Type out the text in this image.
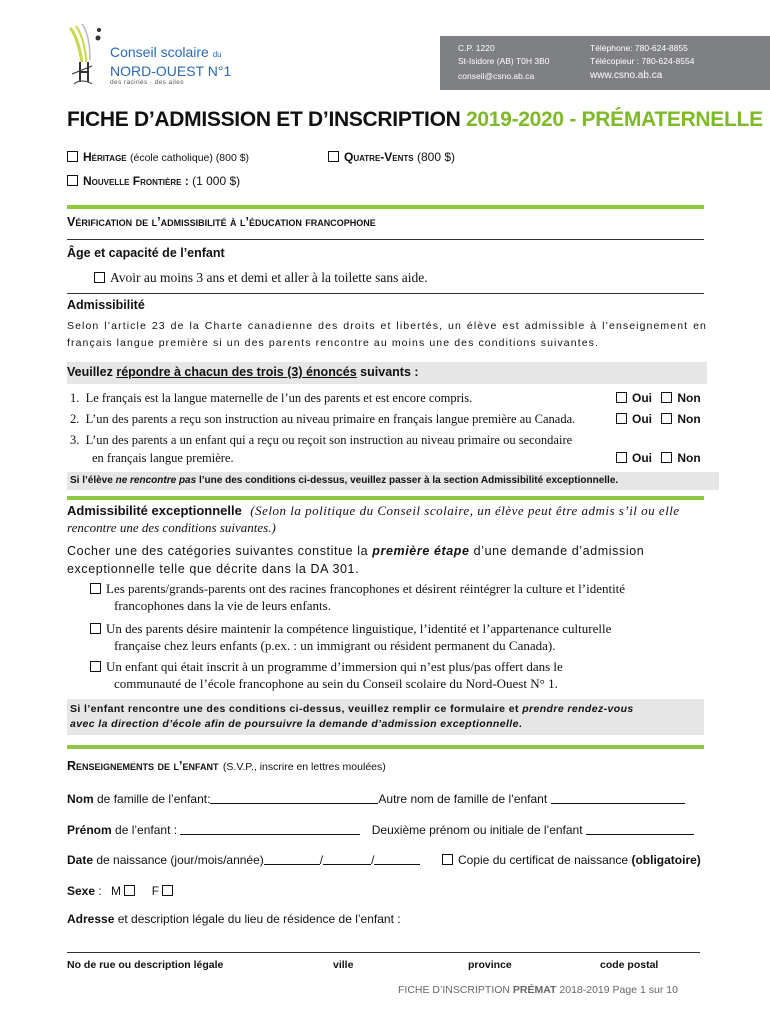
Conseil scolaire du
NORD-OUEST N°1
des racines · des ailes
C.P. 1220
St-Isidore (AB) T0H 3B0
conseil@csno.ab.ca
Téléphone: 780-624-8855
Télécopieur : 780-624-8554
www.csno.ab.ca
FICHE D’ADMISSION ET D’INSCRIPTION 2019-2020 - PRÉMATERNELLE
Héritage (école catholique) (800 $)	Quatre-Vents (800 $)
Nouvelle Frontière : (1 000 $)
Vérification de l’admissibilité à l’éducation francophone
Âge et capacité de l’enfant
Avoir au moins 3 ans et demi et aller à la toilette sans aide.
Admissibilité
Selon l’article 23 de la Charte canadienne des droits et libertés, un élève est admissible à l’enseignement en français langue première si un des parents rencontre au moins une des conditions suivantes.
Veuillez répondre à chacun des trois (3) énoncés suivants :
1. Le français est la langue maternelle de l’un des parents et est encore compris.	Oui Non
2. L’un des parents a reçu son instruction au niveau primaire en français langue première au Canada.	Oui Non
3. L’un des parents a un enfant qui a reçu ou reçoit son instruction au niveau primaire ou secondaire
en français langue première.	Oui Non
Si l’élève ne rencontre pas l’une des conditions ci-dessus, veuillez passer à la section Admissibilité exceptionnelle.
Admissibilité exceptionnelle (Selon la politique du Conseil scolaire, un élève peut être admis s’il ou elle
rencontre une des conditions suivantes.)
Cocher une des catégories suivantes constitue la première étape d’une demande d’admission
exceptionnelle telle que décrite dans la DA 301.
Les parents/grands-parents ont des racines francophones et désirent réintégrer la culture et l’identité
francophones dans la vie de leurs enfants.
Un des parents désire maintenir la compétence linguistique, l’identité et l’appartenance culturelle
française chez leurs enfants (p.ex. : un immigrant ou résident permanent du Canada).
Un enfant qui était inscrit à un programme d’immersion qui n’est plus/pas offert dans le
communauté de l’école francophone au sein du Conseil scolaire du Nord-Ouest N° 1.
Si l’enfant rencontre une des conditions ci-dessus, veuillez remplir ce formulaire et prendre rendez-vous
avec la direction d’école afin de poursuivre la demande d’admission exceptionnelle.
Renseignements de l’enfant (S.V.P., inscrire en lettres moulées)
Nom de famille de l’enfant:	Autre nom de famille de l’enfant
Prénom de l’enfant :	Deuxième prénom ou initiale de l’enfant
Date de naissance (jour/mois/année)	/	/	Copie du certificat de naissance (obligatoire)
Sexe : M	F
Adresse et description légale du lieu de résidence de l’enfant :
No de rue ou description légale	ville	province	code postal
FICHE D’INSCRIPTION PRÉMAT 2018-2019 Page 1 sur 10
